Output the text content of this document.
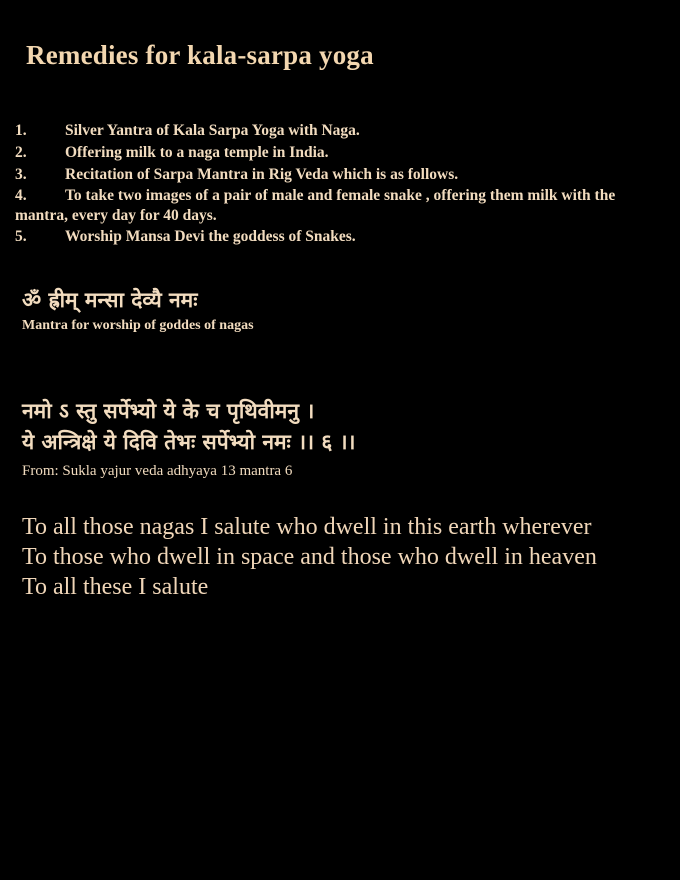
Remedies for kala-sarpa yoga
1. Silver Yantra of Kala Sarpa Yoga with Naga.
2. Offering milk to a naga temple in India.
3. Recitation of Sarpa Mantra in Rig Veda which is as follows.
4. To take two images of a pair of male and female snake , offering them milk with the mantra, every day for 40 days.
5. Worship Mansa Devi the goddess of Snakes.
ॐ ह्रीम् मन्सा देव्यै नमः
Mantra for worship of goddes of nagas
नमो ऽ स्तु सर्पेभ्यो ये के च पृथिवीमनु ।
ये अन्त्रिक्षे ये दिवि तेभः सर्पेभ्यो नमः ।। ६ ।।
From: Sukla yajur veda adhyaya 13 mantra 6
To all those nagas I salute who dwell in this earth wherever
To those who dwell in space and those who dwell in heaven
To all these I salute
